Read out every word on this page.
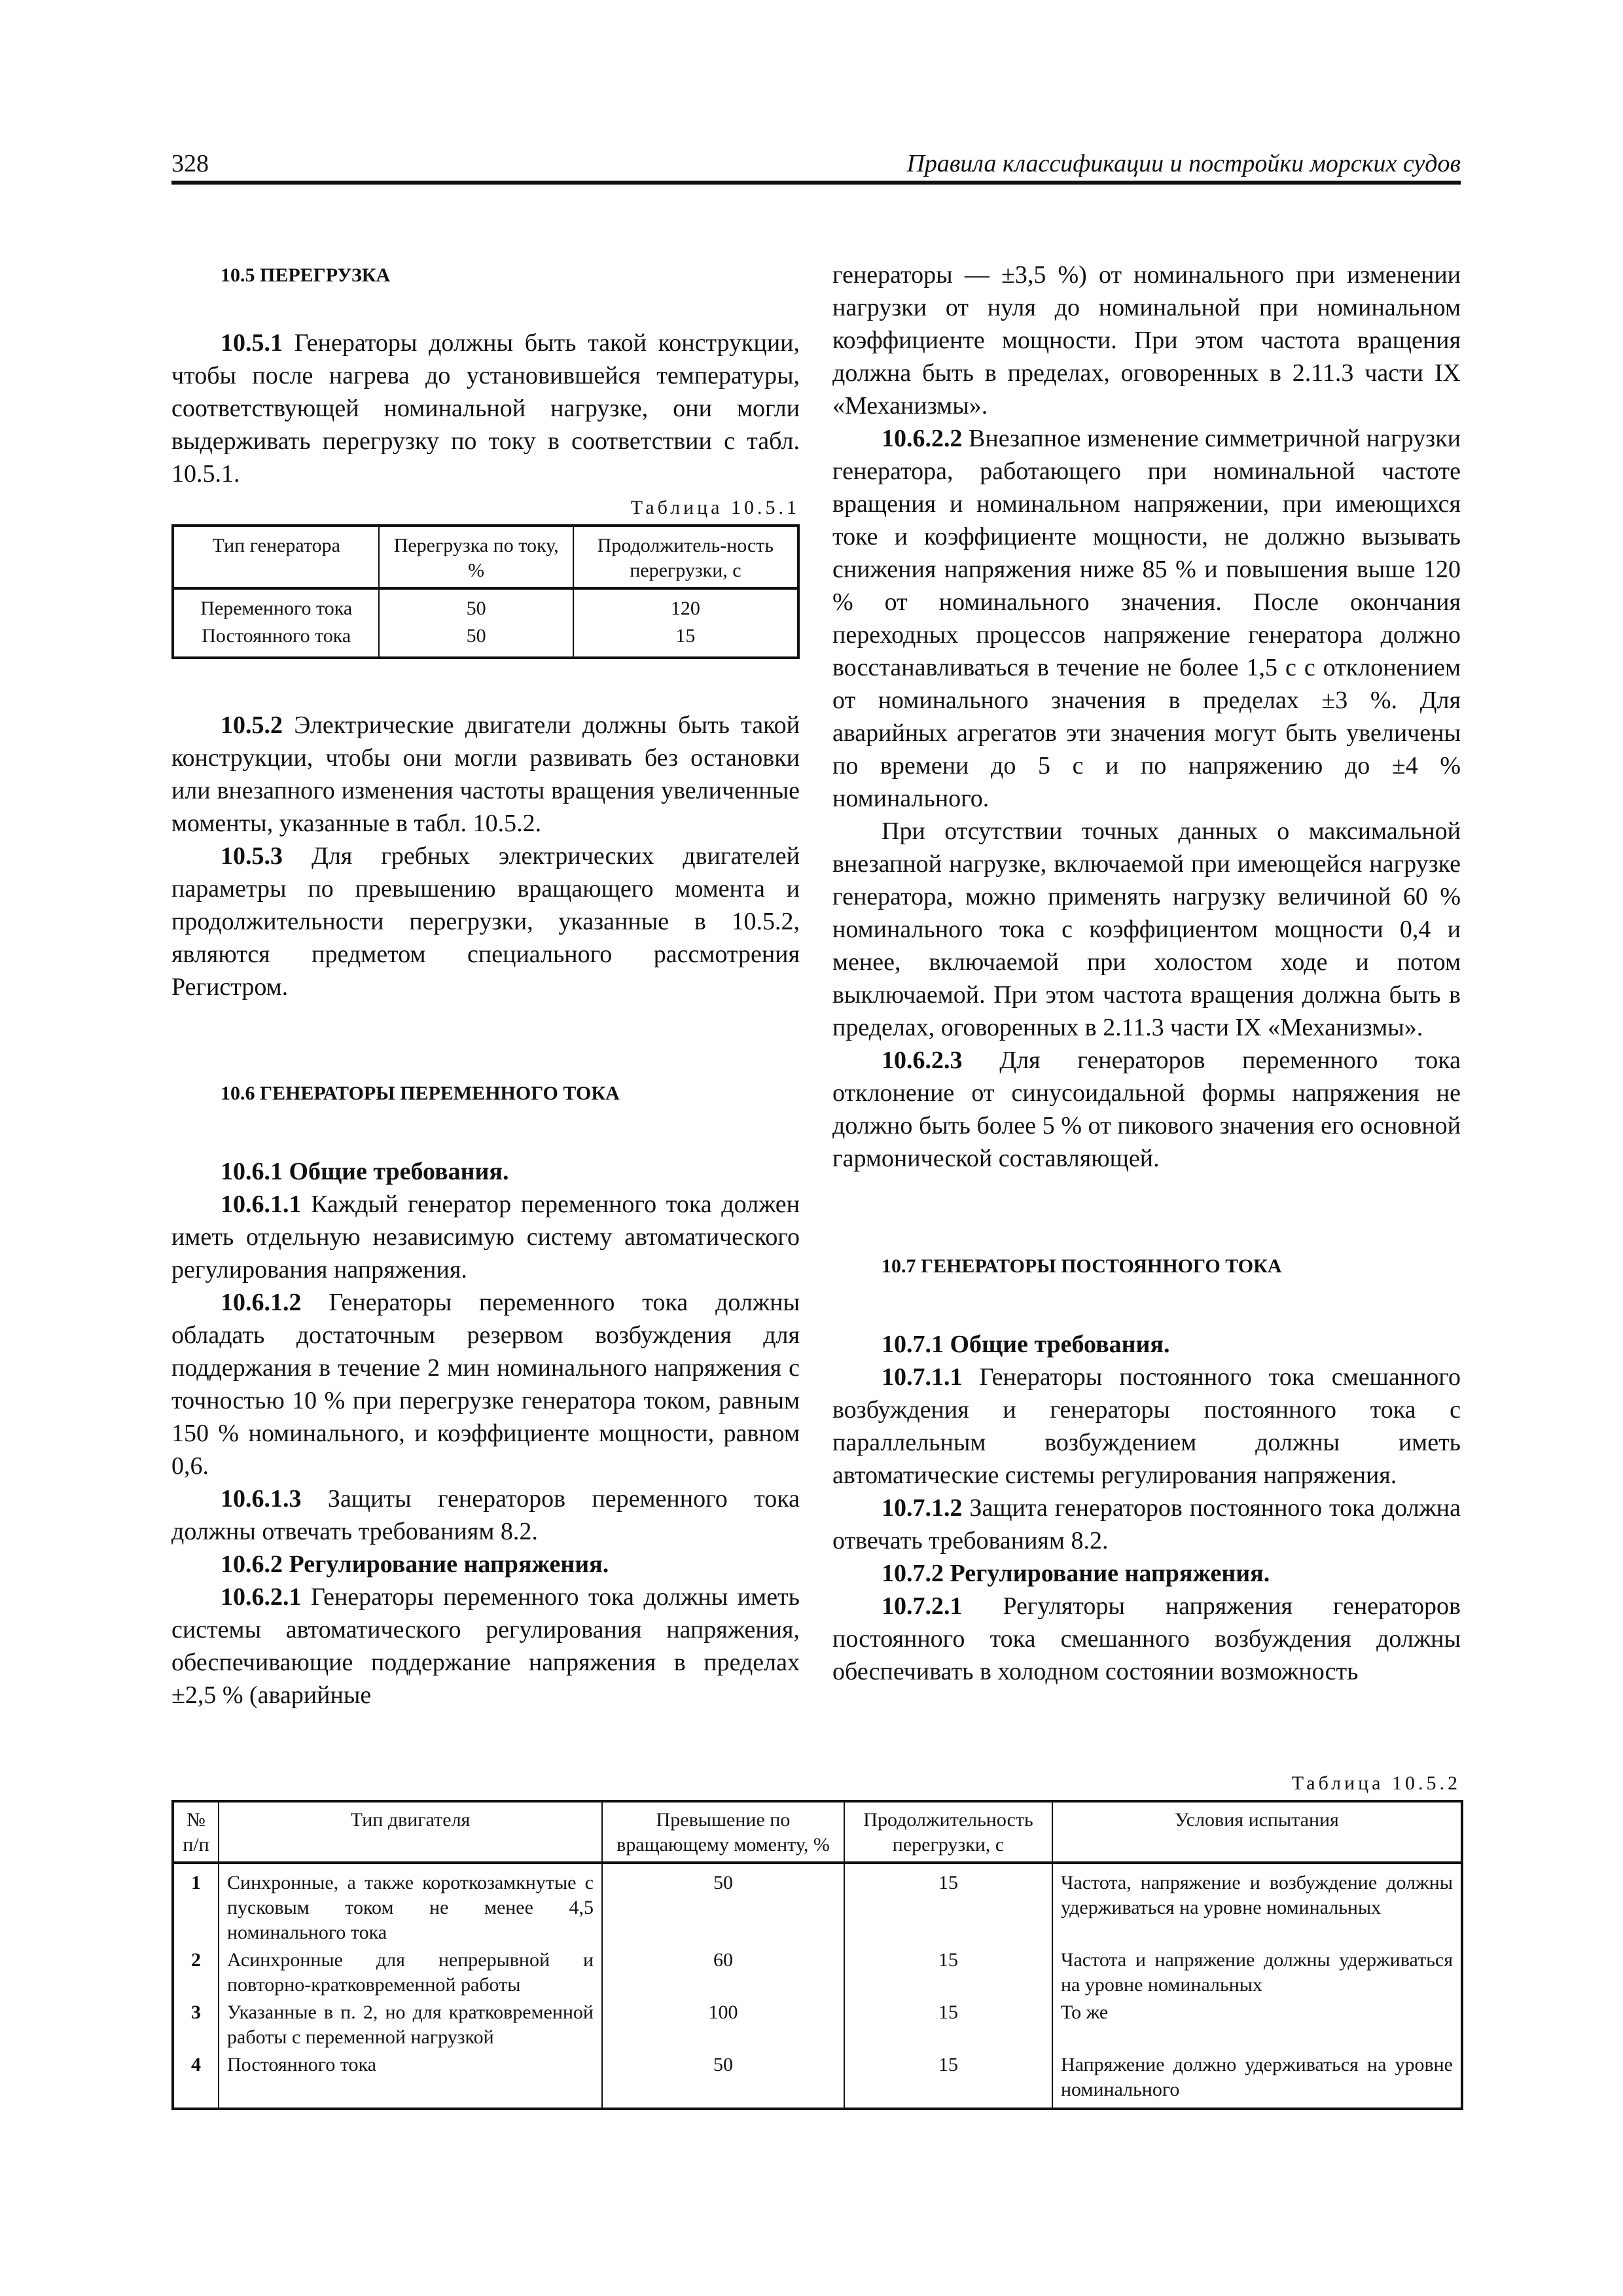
328	Правила классификации и постройки морских судов

10.5 ПЕРЕГРУЗКА

10.5.1 Генераторы должны быть такой конструкции, чтобы после нагрева до установившейся температуры, соответствующей номинальной нагрузке, они могли выдерживать перегрузку по току в соответствии с табл. 10.5.1.

Таблица 10.5.1
Тип генератора	Перегрузка по току, %	Продолжитель-ность перегрузки, с
Переменного тока	50	120
Постоянного тока	50	15

10.5.2 Электрические двигатели должны быть такой конструкции, чтобы они могли развивать без остановки или внезапного изменения частоты вращения увеличенные моменты, указанные в табл. 10.5.2.

10.5.3 Для гребных электрических двигателей параметры по превышению вращающего момента и продолжительности перегрузки, указанные в 10.5.2, являются предметом специального рассмотрения Регистром.

10.6 ГЕНЕРАТОРЫ ПЕРЕМЕННОГО ТОКА

10.6.1 Общие требования.

10.6.1.1 Каждый генератор переменного тока должен иметь отдельную независимую систему автоматического регулирования напряжения.

10.6.1.2 Генераторы переменного тока должны обладать достаточным резервом возбуждения для поддержания в течение 2 мин номинального напряжения с точностью 10 % при перегрузке генератора током, равным 150 % номинального, и коэффициенте мощности, равном 0,6.

10.6.1.3 Защиты генераторов переменного тока должны отвечать требованиям 8.2.

10.6.2 Регулирование напряжения.

10.6.2.1 Генераторы переменного тока должны иметь системы автоматического регулирования напряжения, обеспечивающие поддержание напряжения в пределах ±2,5 % (аварийные

генераторы — ±3,5 %) от номинального при изменении нагрузки от нуля до номинальной при номинальном коэффициенте мощности. При этом частота вращения должна быть в пределах, оговоренных в 2.11.3 части IX «Механизмы».

10.6.2.2 Внезапное изменение симметричной нагрузки генератора, работающего при номинальной частоте вращения и номинальном напряжении, при имеющихся токе и коэффициенте мощности, не должно вызывать снижения напряжения ниже 85 % и повышения выше 120 % от номинального значения. После окончания переходных процессов напряжение генератора должно восстанавливаться в течение не более 1,5 с с отклонением от номинального значения в пределах ±3 %. Для аварийных агрегатов эти значения могут быть увеличены по времени до 5 с и по напряжению до ±4 % номинального.

При отсутствии точных данных о максимальной внезапной нагрузке, включаемой при имеющейся нагрузке генератора, можно применять нагрузку величиной 60 % номинального тока с коэффициентом мощности 0,4 и менее, включаемой при холостом ходе и потом выключаемой. При этом частота вращения должна быть в пределах, оговоренных в 2.11.3 части IX «Механизмы».

10.6.2.3 Для генераторов переменного тока отклонение от синусоидальной формы напряжения не должно быть более 5 % от пикового значения его основной гармонической составляющей.

10.7 ГЕНЕРАТОРЫ ПОСТОЯННОГО ТОКА

10.7.1 Общие требования.

10.7.1.1 Генераторы постоянного тока смешанного возбуждения и генераторы постоянного тока с параллельным возбуждением должны иметь автоматические системы регулирования напряжения.

10.7.1.2 Защита генераторов постоянного тока должна отвечать требованиям 8.2.

10.7.2 Регулирование напряжения.

10.7.2.1 Регуляторы напряжения генераторов постоянного тока смешанного возбуждения должны обеспечивать в холодном состоянии возможность

Таблица 10.5.2
№ п/п	Тип двигателя	Превышение по вращающему моменту, %	Продолжительность перегрузки, с	Условия испытания
1	Синхронные, а также короткозамкнутые с пусковым током не менее 4,5 номинального тока	50	15	Частота, напряжение и возбуждение должны удерживаться на уровне номинальных
2	Асинхронные для непрерывной и повторно-кратковременной работы	60	15	Частота и напряжение должны удерживаться на уровне номинальных
3	Указанные в п. 2, но для кратковременной работы с переменной нагрузкой	100	15	То же
4	Постоянного тока	50	15	Напряжение должно удерживаться на уровне номинального
